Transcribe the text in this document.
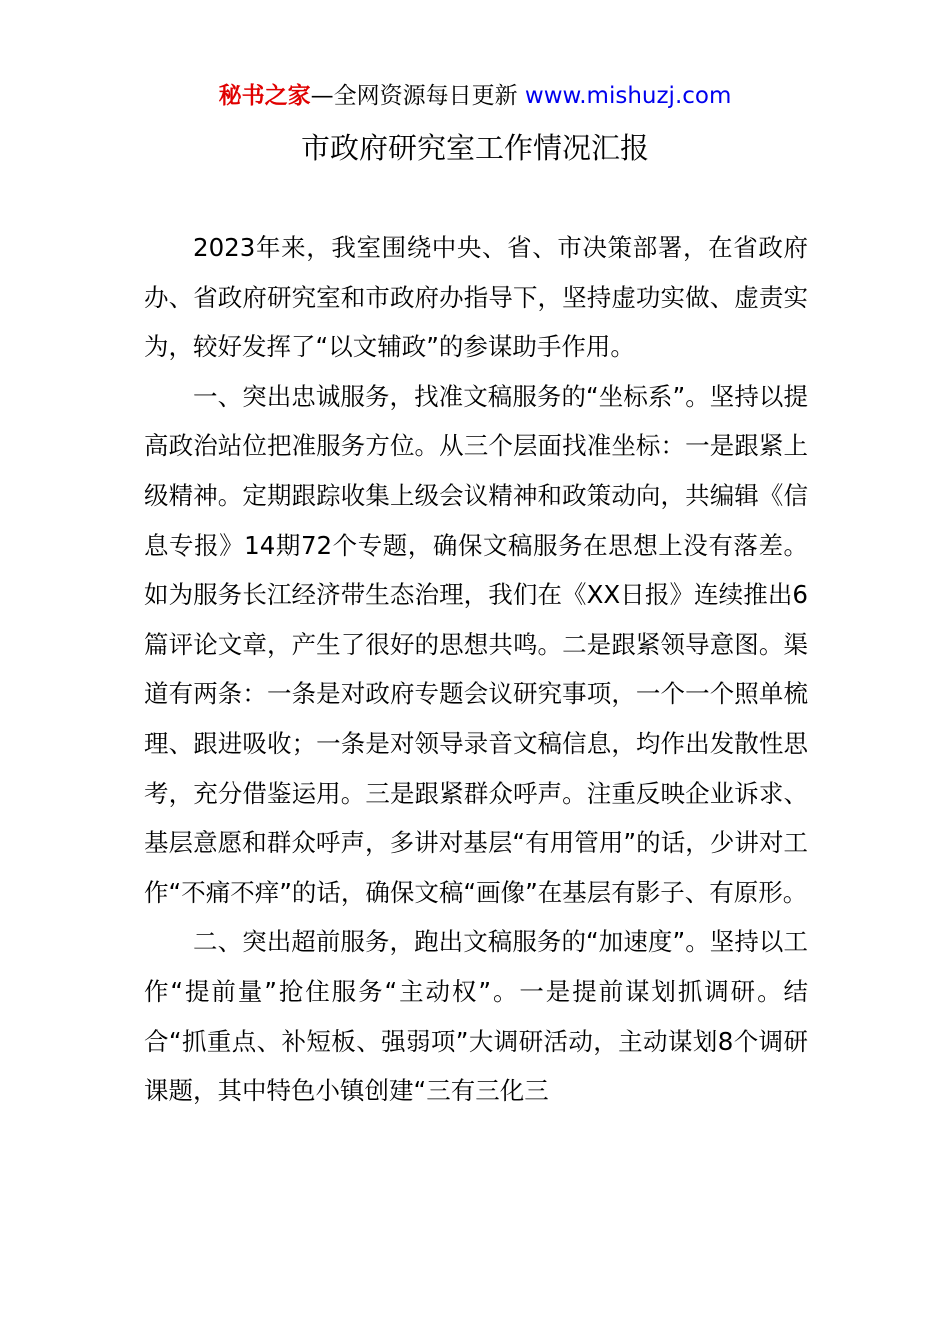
秘书之家—全网资源每日更新 www.mishuzj.com
市政府研究室工作情况汇报

2023年来，我室围绕中央、省、市决策部署，在省政府办、省政府研究室和市政府办指导下，坚持虚功实做、虚责实为，较好发挥了“以文辅政”的参谋助手作用。

一、突出忠诚服务，找准文稿服务的“坐标系”。坚持以提高政治站位把准服务方位。从三个层面找准坐标：一是跟紧上级精神。定期跟踪收集上级会议精神和政策动向，共编辑《信息专报》14期72个专题，确保文稿服务在思想上没有落差。如为服务长江经济带生态治理，我们在《XX日报》连续推出6篇评论文章，产生了很好的思想共鸣。二是跟紧领导意图。渠道有两条：一条是对政府专题会议研究事项，一个一个照单梳理、跟进吸收；一条是对领导录音文稿信息，均作出发散性思考，充分借鉴运用。三是跟紧群众呼声。注重反映企业诉求、基层意愿和群众呼声，多讲对基层“有用管用”的话，少讲对工作“不痛不痒”的话，确保文稿“画像”在基层有影子、有原形。

二、突出超前服务，跑出文稿服务的“加速度”。坚持以工作“提前量”抢住服务“主动权”。一是提前谋划抓调研。结合“抓重点、补短板、强弱项”大调研活动，主动谋划8个调研课题，其中特色小镇创建“三有三化三
